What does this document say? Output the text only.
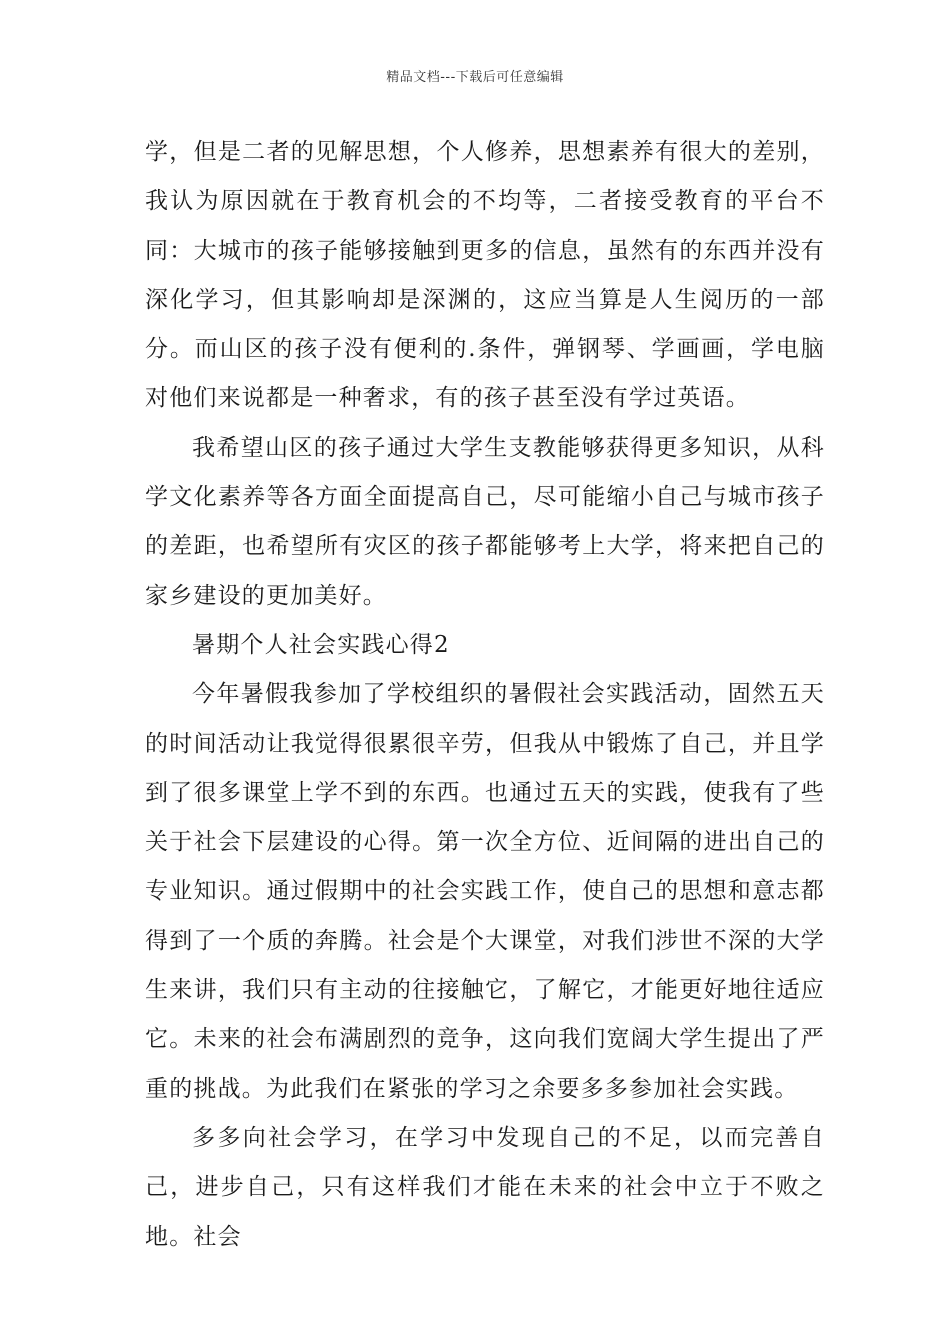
精品文档---下载后可任意编辑

学，但是二者的见解思想，个人修养，思想素养有很大的差别，我认为原因就在于教育机会的不均等，二者接受教育的平台不同：大城市的孩子能够接触到更多的信息，虽然有的东西并没有深化学习，但其影响却是深渊的，这应当算是人生阅历的一部分。而山区的孩子没有便利的.条件，弹钢琴、学画画，学电脑对他们来说都是一种奢求，有的孩子甚至没有学过英语。

我希望山区的孩子通过大学生支教能够获得更多知识，从科学文化素养等各方面全面提高自己，尽可能缩小自己与城市孩子的差距，也希望所有灾区的孩子都能够考上大学，将来把自己的家乡建设的更加美好。

暑期个人社会实践心得2

今年暑假我参加了学校组织的暑假社会实践活动，固然五天的时间活动让我觉得很累很辛劳，但我从中锻炼了自己，并且学到了很多课堂上学不到的东西。也通过五天的实践，使我有了些关于社会下层建设的心得。第一次全方位、近间隔的进出自己的专业知识。通过假期中的社会实践工作，使自己的思想和意志都得到了一个质的奔腾。社会是个大课堂，对我们涉世不深的大学生来讲，我们只有主动的往接触它，了解它，才能更好地往适应它。未来的社会布满剧烈的竞争，这向我们宽阔大学生提出了严重的挑战。为此我们在紧张的学习之余要多多参加社会实践。

多多向社会学习，在学习中发现自己的不足，以而完善自己，进步自己，只有这样我们才能在未来的社会中立于不败之地。社会
